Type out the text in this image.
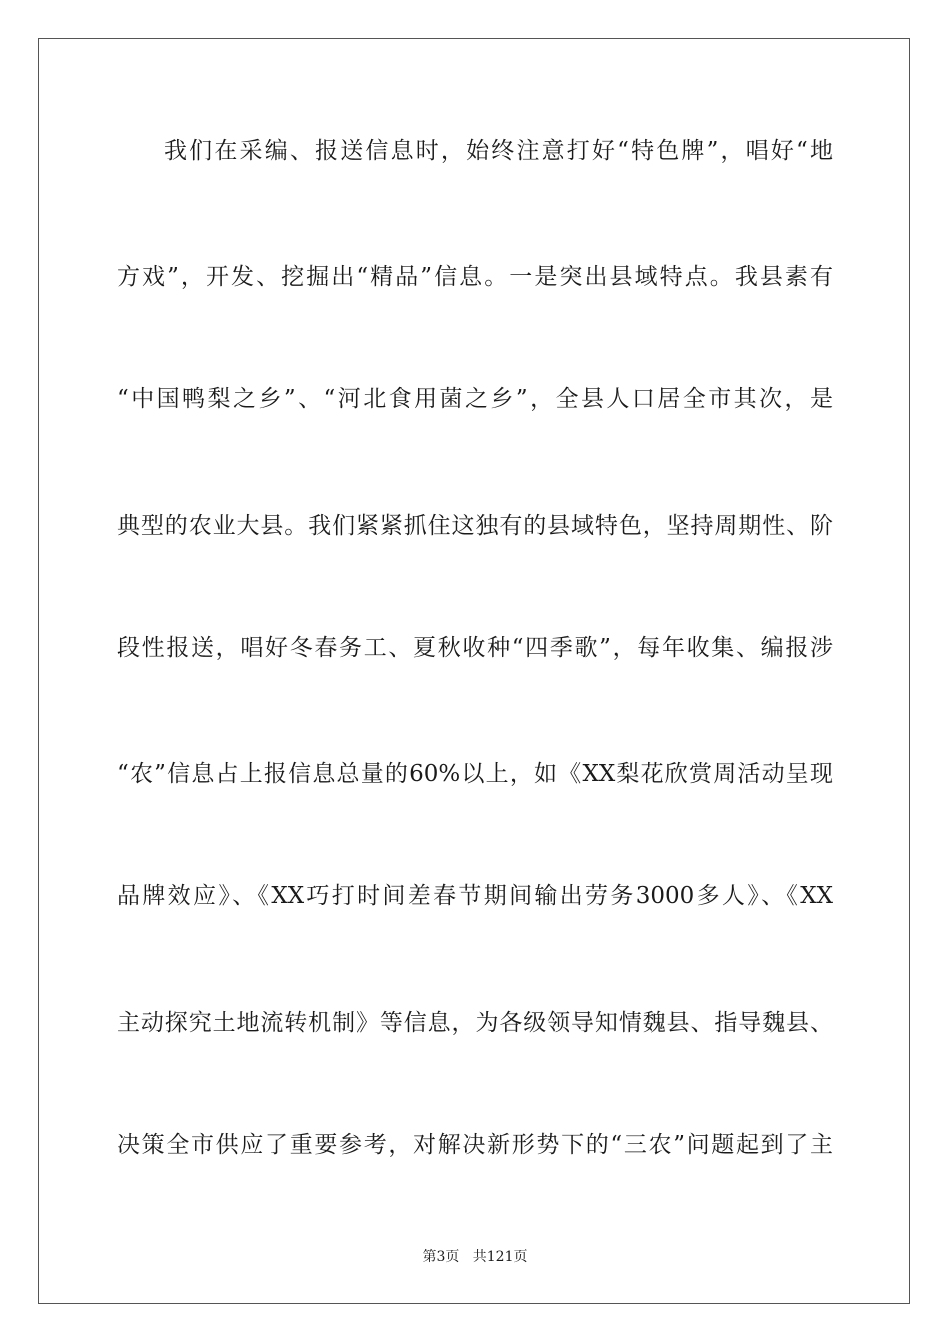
我们在采编、报送信息时，始终注意打好“特色牌”，唱好“地
方戏”，开发、挖掘出“精品”信息。一是突出县域特点。我县素有
“中国鸭梨之乡”、“河北食用菌之乡”，全县人口居全市其次，是
典型的农业大县。我们紧紧抓住这独有的县域特色，坚持周期性、阶
段性报送，唱好冬春务工、夏秋收种“四季歌”，每年收集、编报涉
“农”信息占上报信息总量的60%以上，如《XX梨花欣赏周活动呈现
品牌效应》、《XX巧打时间差春节期间输出劳务3000多人》、《XX
主动探究土地流转机制》等信息，为各级领导知情魏县、指导魏县、
决策全市供应了重要参考，对解决新形势下的“三农”问题起到了主
第3页 共121页
